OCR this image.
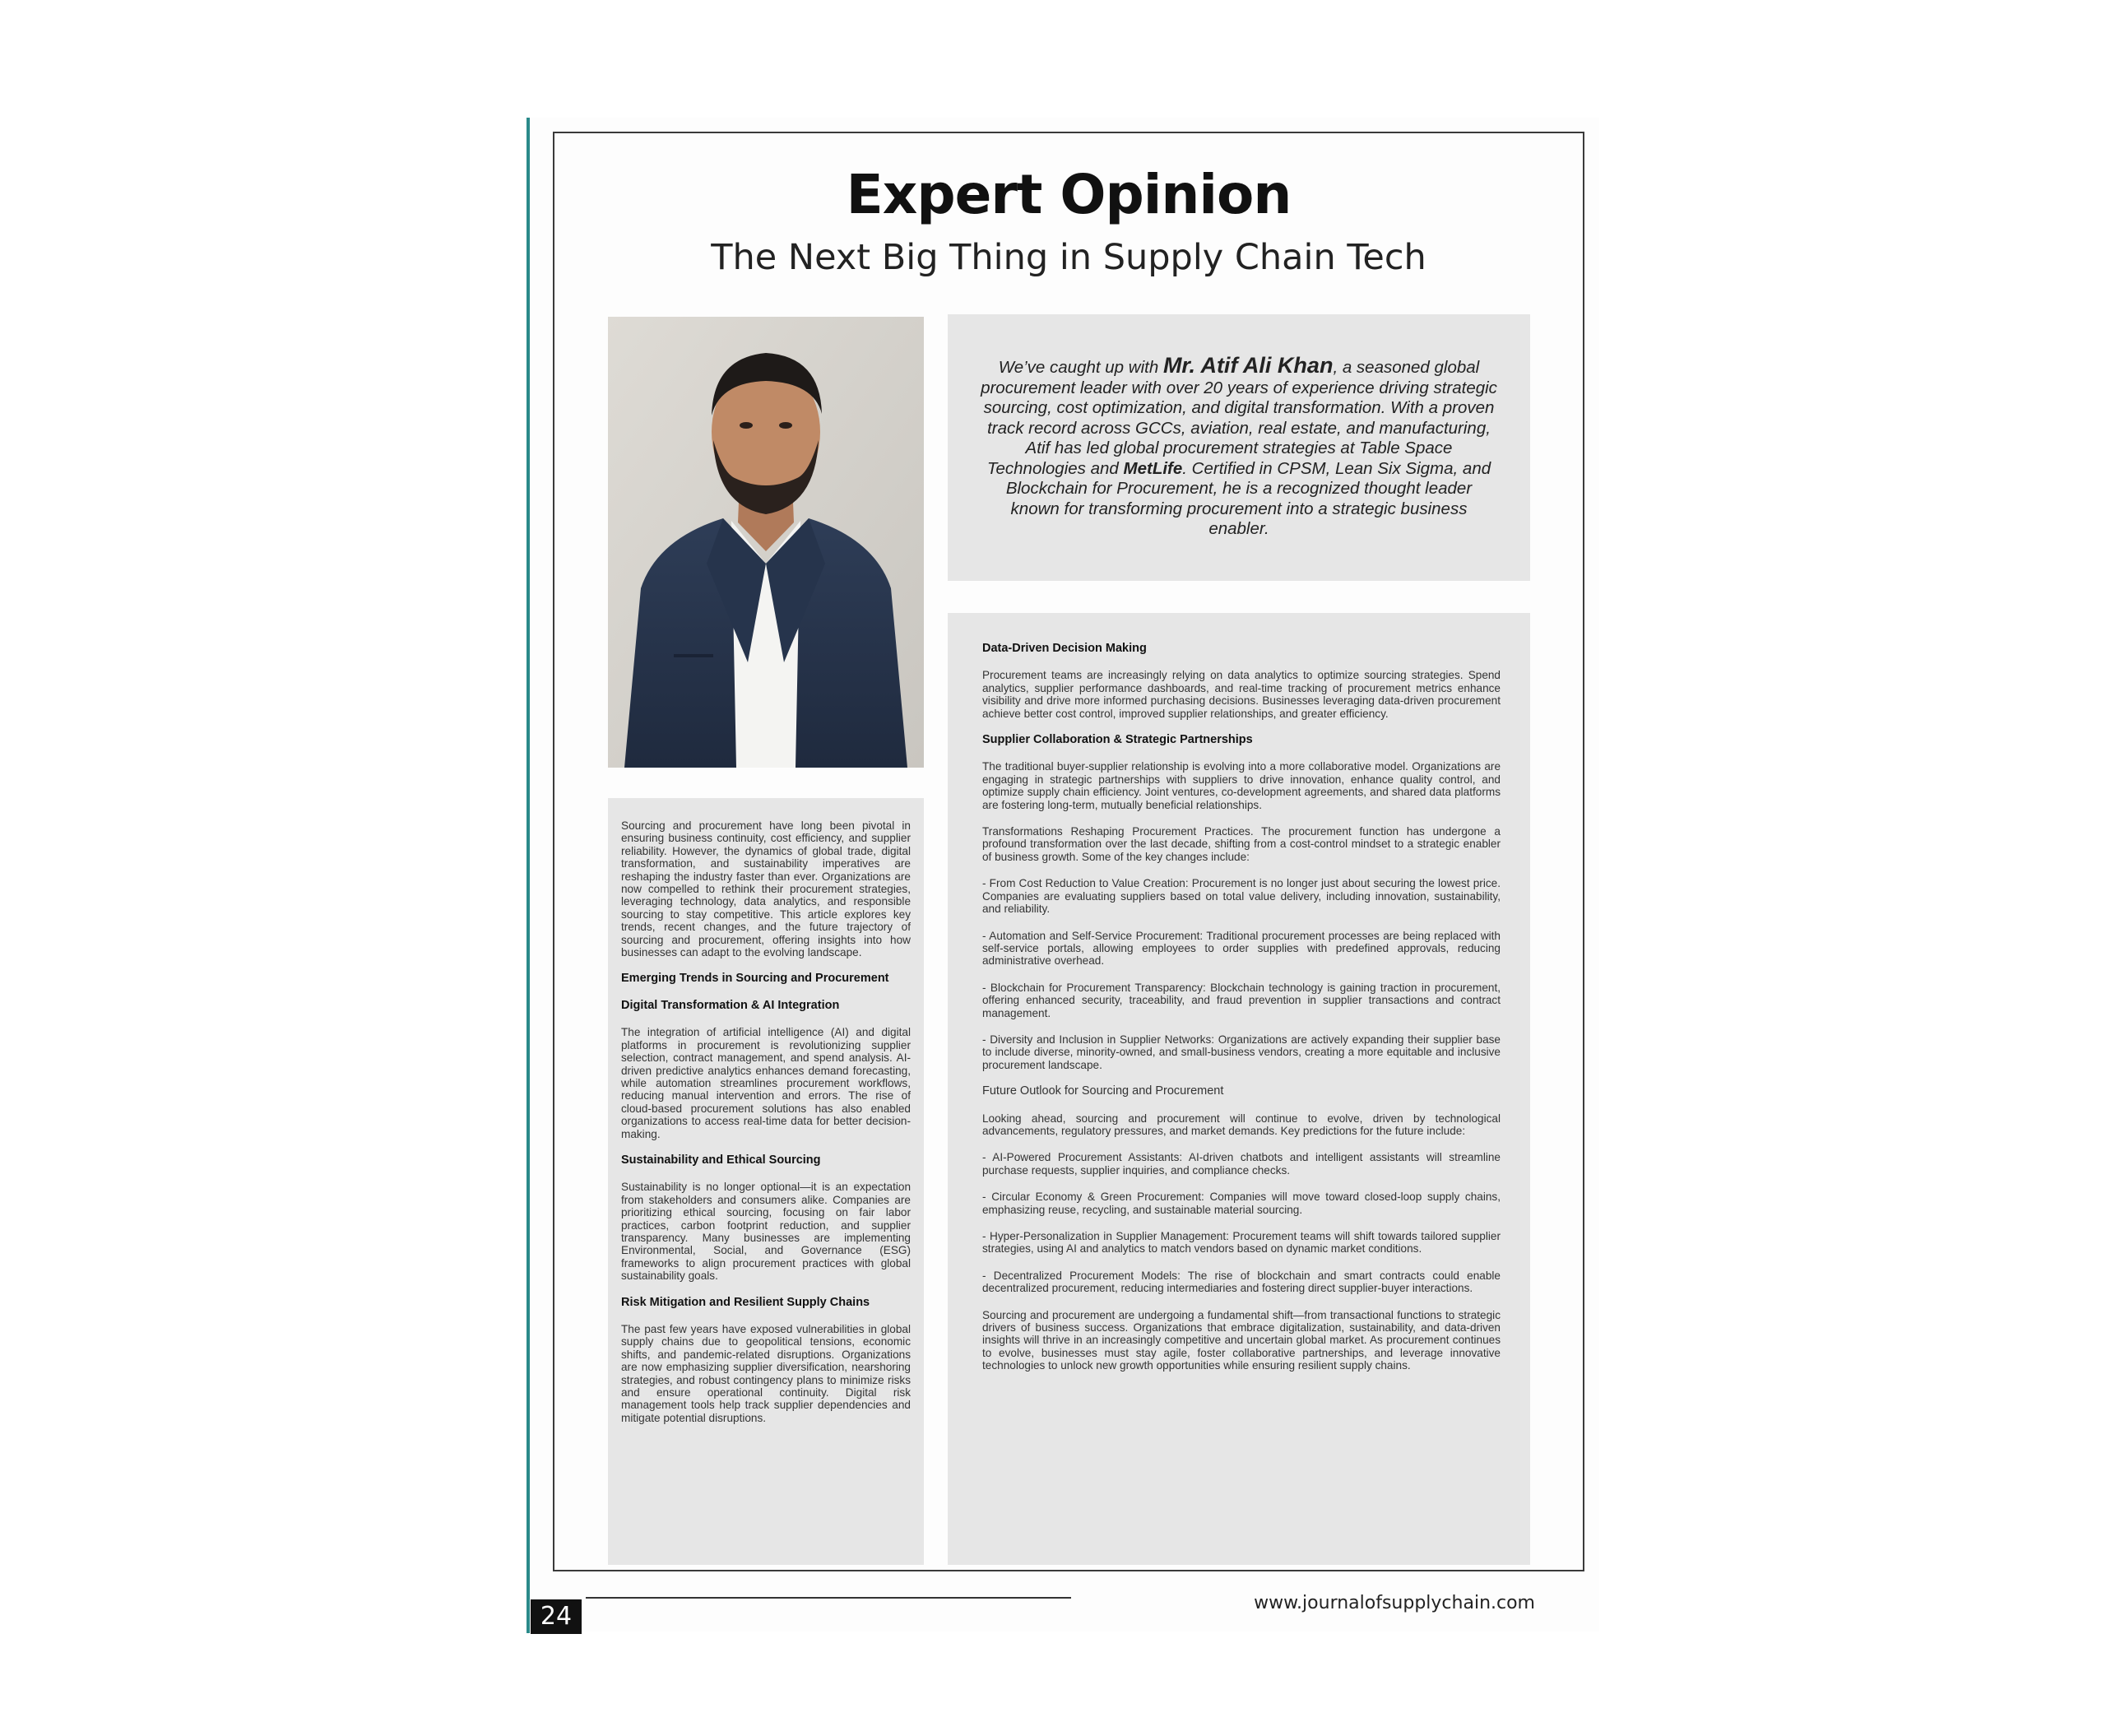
Expert Opinion
The Next Big Thing in Supply Chain Tech
We’ve caught up with Mr. Atif Ali Khan, a seasoned global procurement leader with over 20 years of experience driving strategic sourcing, cost optimization, and digital transformation. With a proven track record across GCCs, aviation, real estate, and manufacturing, Atif has led global procurement strategies at Table Space Technologies and MetLife. Certified in CPSM, Lean Six Sigma, and Blockchain for Procurement, he is a recognized thought leader known for transforming procurement into a strategic business enabler.

Sourcing and procurement have long been pivotal in ensuring business continuity, cost efficiency, and supplier reliability. However, the dynamics of global trade, digital transformation, and sustainability imperatives are reshaping the industry faster than ever. Organizations are now compelled to rethink their procurement strategies, leveraging technology, data analytics, and responsible sourcing to stay competitive. This article explores key trends, recent changes, and the future trajectory of sourcing and procurement, offering insights into how businesses can adapt to the evolving landscape.

Emerging Trends in Sourcing and Procurement
Digital Transformation & AI Integration

The integration of artificial intelligence (AI) and digital platforms in procurement is revolutionizing supplier selection, contract management, and spend analysis. AI-driven predictive analytics enhances demand forecasting, while automation streamlines procurement workflows, reducing manual intervention and errors. The rise of cloud-based procurement solutions has also enabled organizations to access real-time data for better decision-making.

Sustainability and Ethical Sourcing

Sustainability is no longer optional—it is an expectation from stakeholders and consumers alike. Companies are prioritizing ethical sourcing, focusing on fair labor practices, carbon footprint reduction, and supplier transparency. Many businesses are implementing Environmental, Social, and Governance (ESG) frameworks to align procurement practices with global sustainability goals.

Risk Mitigation and Resilient Supply Chains

The past few years have exposed vulnerabilities in global supply chains due to geopolitical tensions, economic shifts, and pandemic-related disruptions. Organizations are now emphasizing supplier diversification, nearshoring strategies, and robust contingency plans to minimize risks and ensure operational continuity. Digital risk management tools help track supplier dependencies and mitigate potential disruptions.

Data-Driven Decision Making

Procurement teams are increasingly relying on data analytics to optimize sourcing strategies. Spend analytics, supplier performance dashboards, and real-time tracking of procurement metrics enhance visibility and drive more informed purchasing decisions. Businesses leveraging data-driven procurement achieve better cost control, improved supplier relationships, and greater efficiency.

Supplier Collaboration & Strategic Partnerships

The traditional buyer-supplier relationship is evolving into a more collaborative model. Organizations are engaging in strategic partnerships with suppliers to drive innovation, enhance quality control, and optimize supply chain efficiency. Joint ventures, co-development agreements, and shared data platforms are fostering long-term, mutually beneficial relationships.

Transformations Reshaping Procurement Practices. The procurement function has undergone a profound transformation over the last decade, shifting from a cost-control mindset to a strategic enabler of business growth. Some of the key changes include:

- From Cost Reduction to Value Creation: Procurement is no longer just about securing the lowest price. Companies are evaluating suppliers based on total value delivery, including innovation, sustainability, and reliability.

- Automation and Self-Service Procurement: Traditional procurement processes are being replaced with self-service portals, allowing employees to order supplies with predefined approvals, reducing administrative overhead.

- Blockchain for Procurement Transparency: Blockchain technology is gaining traction in procurement, offering enhanced security, traceability, and fraud prevention in supplier transactions and contract management.

- Diversity and Inclusion in Supplier Networks: Organizations are actively expanding their supplier base to include diverse, minority-owned, and small-business vendors, creating a more equitable and inclusive procurement landscape.

Future Outlook for Sourcing and Procurement

Looking ahead, sourcing and procurement will continue to evolve, driven by technological advancements, regulatory pressures, and market demands. Key predictions for the future include:

- AI-Powered Procurement Assistants: AI-driven chatbots and intelligent assistants will streamline purchase requests, supplier inquiries, and compliance checks.

- Circular Economy & Green Procurement: Companies will move toward closed-loop supply chains, emphasizing reuse, recycling, and sustainable material sourcing.

- Hyper-Personalization in Supplier Management: Procurement teams will shift towards tailored supplier strategies, using AI and analytics to match vendors based on dynamic market conditions.

- Decentralized Procurement Models: The rise of blockchain and smart contracts could enable decentralized procurement, reducing intermediaries and fostering direct supplier-buyer interactions.

Sourcing and procurement are undergoing a fundamental shift—from transactional functions to strategic drivers of business success. Organizations that embrace digitalization, sustainability, and data-driven insights will thrive in an increasingly competitive and uncertain global market. As procurement continues to evolve, businesses must stay agile, foster collaborative partnerships, and leverage innovative technologies to unlock new growth opportunities while ensuring resilient supply chains.

24	www.journalofsupplychain.com
